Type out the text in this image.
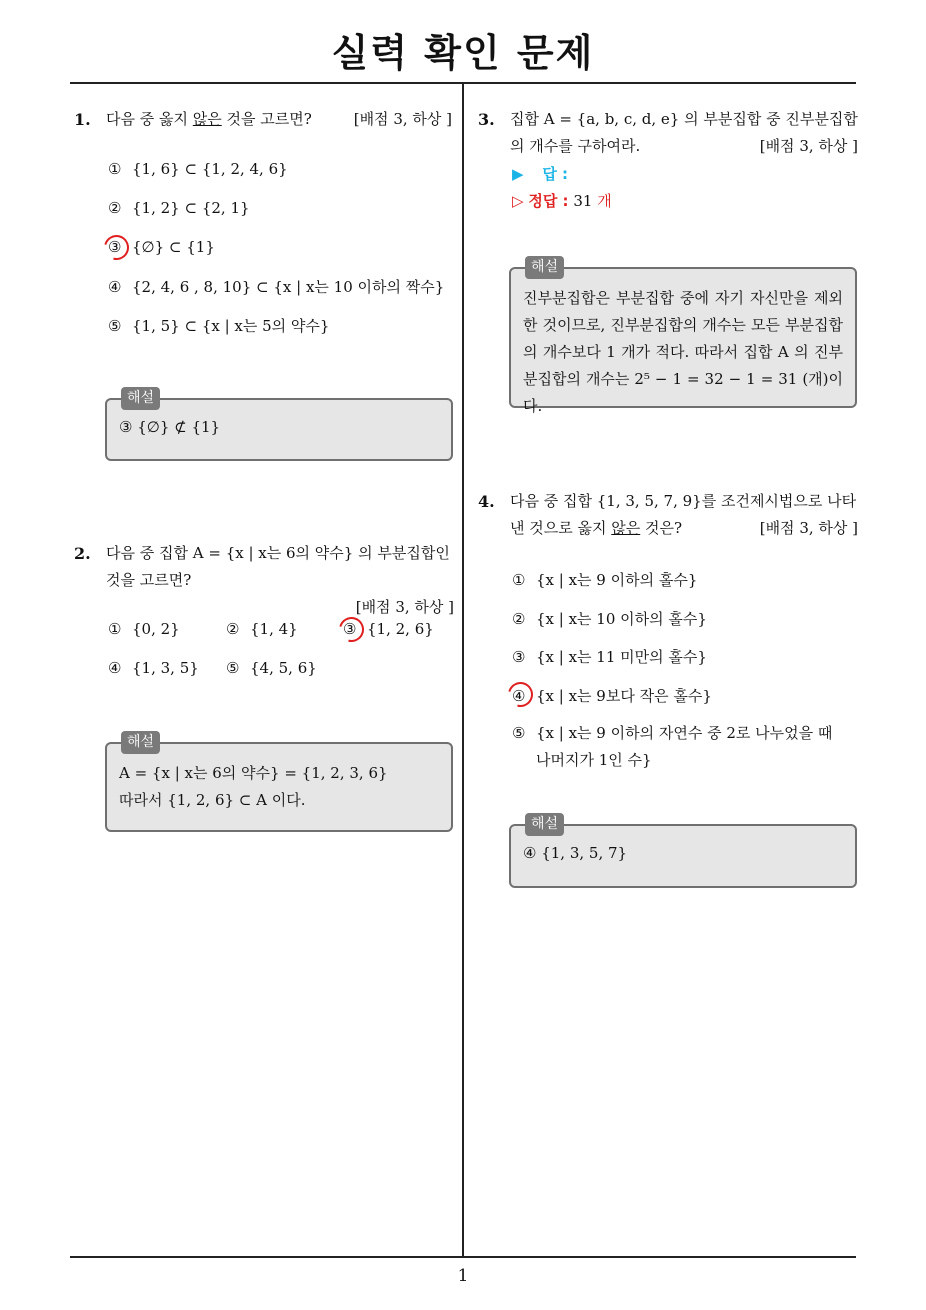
실력 확인 문제
1
1. 다음 중 옳지 않은 것을 고르면?	[배점 3, 하상 ]
① {1, 6} ⊂ {1, 2, 4, 6}
② {1, 2} ⊂ {2, 1}
③ {∅} ⊂ {1}
④ {2, 4, 6 , 8, 10} ⊂ {x | x는 10 이하의 짝수}
⑤ {1, 5} ⊂ {x | x는 5의 약수}
해설
③ {∅} ⊄ {1}
2. 다음 중 집합 A = {x | x는 6의 약수} 의 부분집합인 것을 고르면?
[배점 3, 하상 ]
① {0, 2}	② {1, 4}	③ {1, 2, 6}
④ {1, 3, 5} ⑤ {4, 5, 6}
해설
A = {x | x는 6의 약수} = {1, 2, 3, 6}
따라서 {1, 2, 6} ⊂ A 이다.
3. 집합 A = {a, b, c, d, e} 의 부분집합 중 진부분집합의 개수를 구하여라.	[배점 3, 하상 ]
▶ 답 :
▷ 정답 : 31 개
해설
진부분집합은 부분집합 중에 자기 자신만을 제외한 것이므로, 진부분집합의 개수는 모든 부분집합의 개수보다 1 개가 적다. 따라서 집합 A 의 진부분집합의 개수는 2⁵ − 1 = 32 − 1 = 31 (개)이다.
4. 다음 중 집합 {1, 3, 5, 7, 9}를 조건제시법으로 나타낸 것으로 옳지 않은 것은?	[배점 3, 하상 ]
① {x | x는 9 이하의 홀수}
② {x | x는 10 이하의 홀수}
③ {x | x는 11 미만의 홀수}
④ {x | x는 9보다 작은 홀수}
⑤ {x | x는 9 이하의 자연수 중 2로 나누었을 때 나머지가 1인 수}
해설
④ {1, 3, 5, 7}
